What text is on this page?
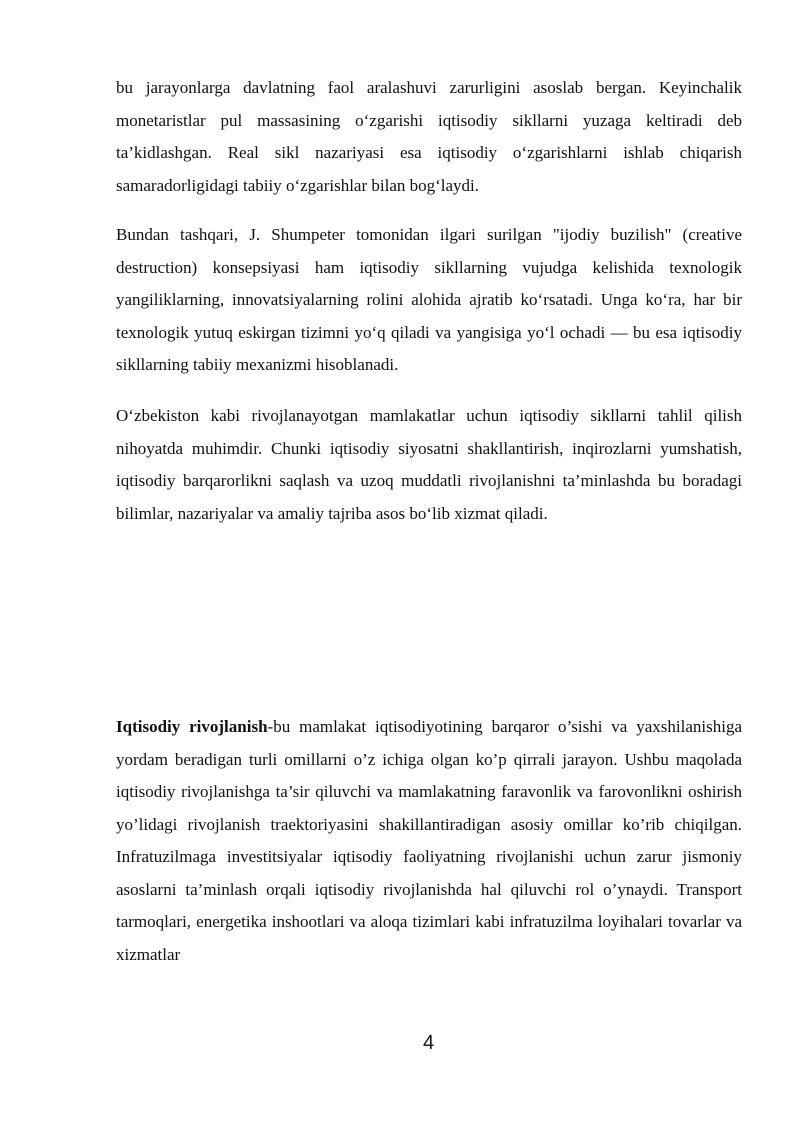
bu jarayonlarga davlatning faol aralashuvi zarurligini asoslab bergan. Keyinchalik monetaristlar pul massasining o‘zgarishi iqtisodiy sikllarni yuzaga keltiradi deb ta’kidlashgan. Real sikl nazariyasi esa iqtisodiy o‘zgarishlarni ishlab chiqarish samaradorligidagi tabiiy o‘zgarishlar bilan bog‘laydi.

Bundan tashqari, J. Shumpeter tomonidan ilgari surilgan "ijodiy buzilish" (creative destruction) konsepsiyasi ham iqtisodiy sikllarning vujudga kelishida texnologik yangiliklarning, innovatsiyalarning rolini alohida ajratib ko‘rsatadi. Unga ko‘ra, har bir texnologik yutuq eskirgan tizimni yo‘q qiladi va yangisiga yo‘l ochadi — bu esa iqtisodiy sikllarning tabiiy mexanizmi hisoblanadi.

O‘zbekiston kabi rivojlanayotgan mamlakatlar uchun iqtisodiy sikllarni tahlil qilish nihoyatda muhimdir. Chunki iqtisodiy siyosatni shakllantirish, inqirozlarni yumshatish, iqtisodiy barqarorlikni saqlash va uzoq muddatli rivojlanishni ta’minlashda bu boradagi bilimlar, nazariyalar va amaliy tajriba asos bo‘lib xizmat qiladi.

Iqtisodiy rivojlanish-bu mamlakat iqtisodiyotining barqaror o’sishi va yaxshilanishiga yordam beradigan turli omillarni o’z ichiga olgan ko’p qirrali jarayon. Ushbu maqolada iqtisodiy rivojlanishga ta’sir qiluvchi va mamlakatning faravonlik va farovonlikni oshirish yo’lidagi rivojlanish traektoriyasini shakillantiradigan asosiy omillar ko’rib chiqilgan. Infratuzilmaga investitsiyalar iqtisodiy faoliyatning rivojlanishi uchun zarur jismoniy asoslarni ta’minlash orqali iqtisodiy rivojlanishda hal qiluvchi rol o’ynaydi. Transport tarmoqlari, energetika inshootlari va aloqa tizimlari kabi infratuzilma loyihalari tovarlar va xizmatlar

4
